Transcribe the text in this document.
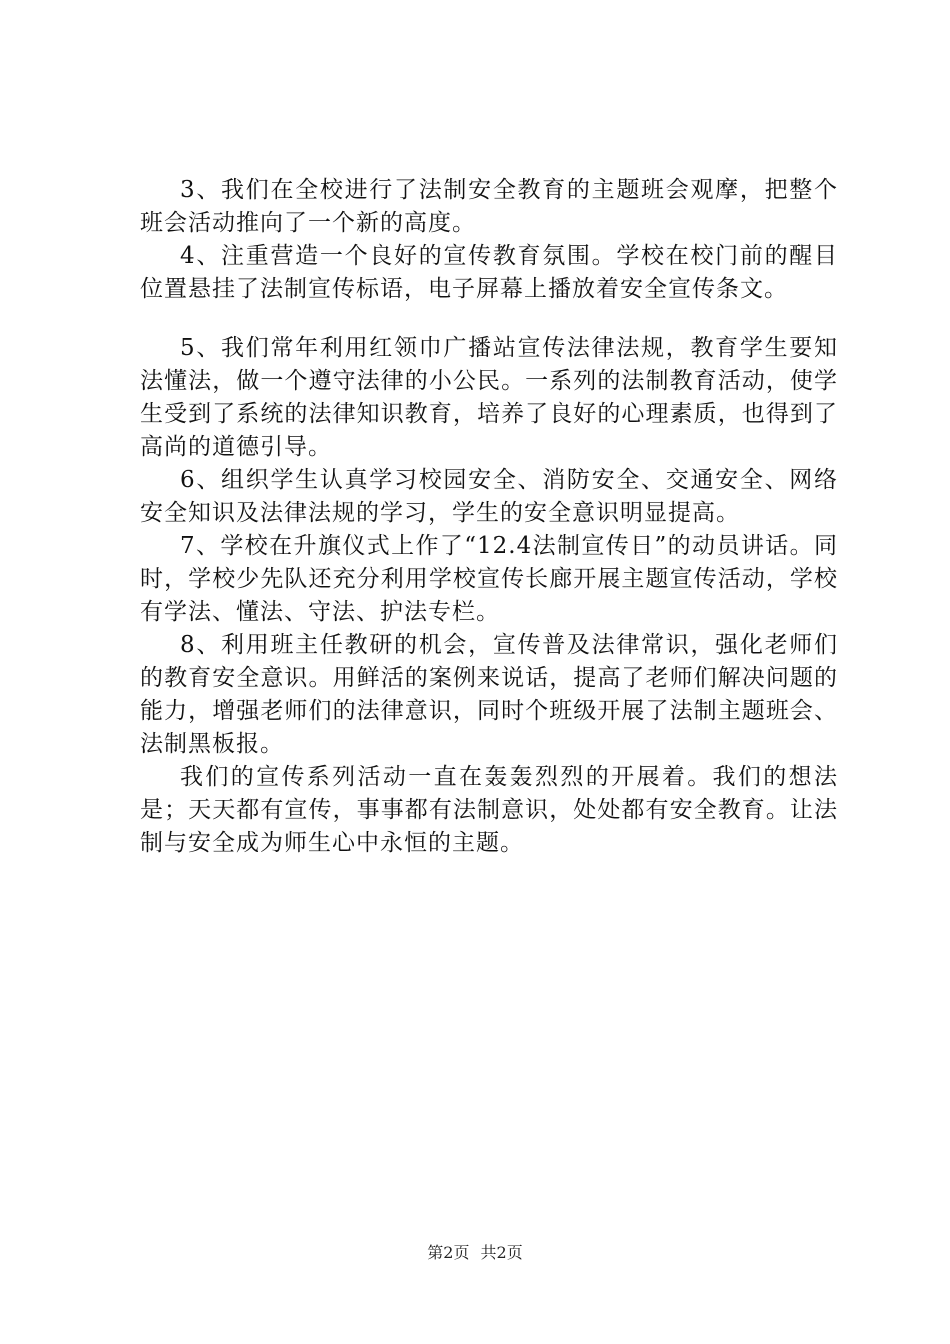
3、我们在全校进行了法制安全教育的主题班会观摩，把整个班会活动推向了一个新的高度。

4、注重营造一个良好的宣传教育氛围。学校在校门前的醒目位置悬挂了法制宣传标语，电子屏幕上播放着安全宣传条文。

5、我们常年利用红领巾广播站宣传法律法规，教育学生要知法懂法，做一个遵守法律的小公民。一系列的法制教育活动，使学生受到了系统的法律知识教育，培养了良好的心理素质，也得到了高尚的道德引导。

6、组织学生认真学习校园安全、消防安全、交通安全、网络安全知识及法律法规的学习，学生的安全意识明显提高。

7、学校在升旗仪式上作了“12.4法制宣传日”的动员讲话。同时，学校少先队还充分利用学校宣传长廊开展主题宣传活动，学校有学法、懂法、守法、护法专栏。

8、利用班主任教研的机会，宣传普及法律常识，强化老师们的教育安全意识。用鲜活的案例来说话，提高了老师们解决问题的能力，增强老师们的法律意识，同时个班级开展了法制主题班会、法制黑板报。

我们的宣传系列活动一直在轰轰烈烈的开展着。我们的想法是；天天都有宣传，事事都有法制意识，处处都有安全教育。让法制与安全成为师生心中永恒的主题。

第2页 共2页
